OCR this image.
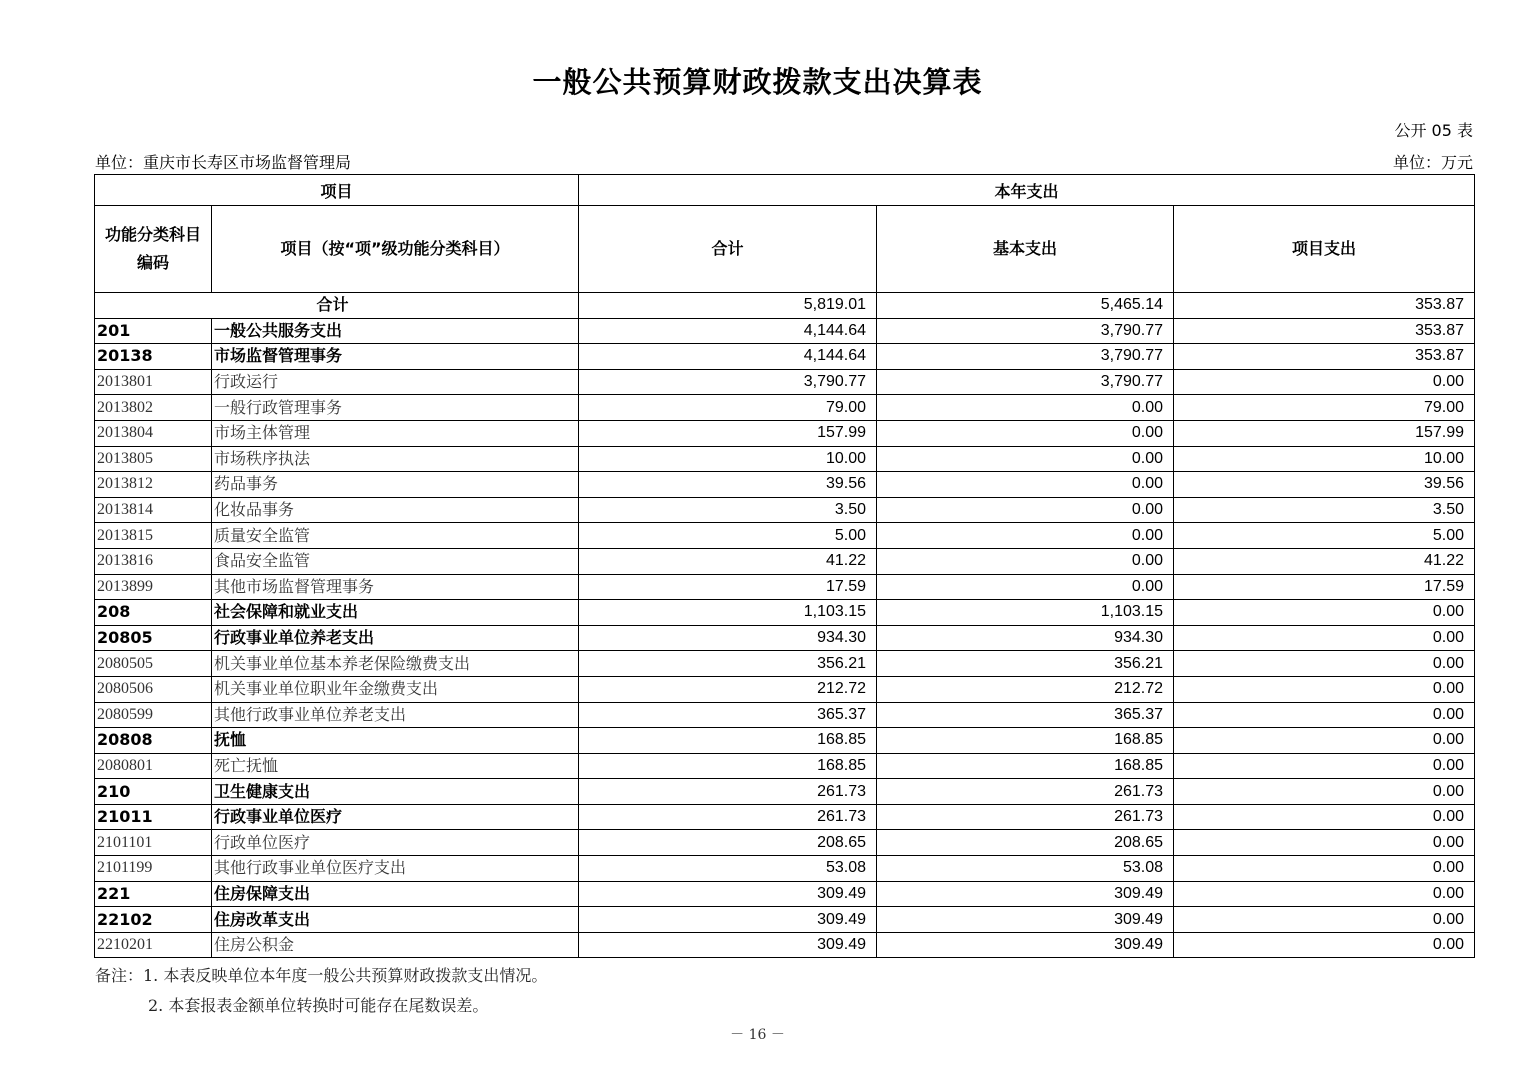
一般公共预算财政拨款支出决算表
公开 05 表
单位：重庆市长寿区市场监督管理局	单位：万元
项目		本年支出		
功能分类科目编码	项目（按“项”级功能分类科目）	合计	基本支出	项目支出
合计		5,819.01	5,465.14	353.87
201	一般公共服务支出	4,144.64	3,790.77	353.87
20138	市场监督管理事务	4,144.64	3,790.77	353.87
2013801	行政运行	3,790.77	3,790.77	0.00
2013802	一般行政管理事务	79.00	0.00	79.00
2013804	市场主体管理	157.99	0.00	157.99
2013805	市场秩序执法	10.00	0.00	10.00
2013812	药品事务	39.56	0.00	39.56
2013814	化妆品事务	3.50	0.00	3.50
2013815	质量安全监管	5.00	0.00	5.00
2013816	食品安全监管	41.22	0.00	41.22
2013899	其他市场监督管理事务	17.59	0.00	17.59
208	社会保障和就业支出	1,103.15	1,103.15	0.00
20805	行政事业单位养老支出	934.30	934.30	0.00
2080505	机关事业单位基本养老保险缴费支出	356.21	356.21	0.00
2080506	机关事业单位职业年金缴费支出	212.72	212.72	0.00
2080599	其他行政事业单位养老支出	365.37	365.37	0.00
20808	抚恤	168.85	168.85	0.00
2080801	死亡抚恤	168.85	168.85	0.00
210	卫生健康支出	261.73	261.73	0.00
21011	行政事业单位医疗	261.73	261.73	0.00
2101101	行政单位医疗	208.65	208.65	0.00
2101199	其他行政事业单位医疗支出	53.08	53.08	0.00
221	住房保障支出	309.49	309.49	0.00
22102	住房改革支出	309.49	309.49	0.00
2210201	住房公积金	309.49	309.49	0.00
备注：1. 本表反映单位本年度一般公共预算财政拨款支出情况。
2. 本套报表金额单位转换时可能存在尾数误差。
－ 16 －
